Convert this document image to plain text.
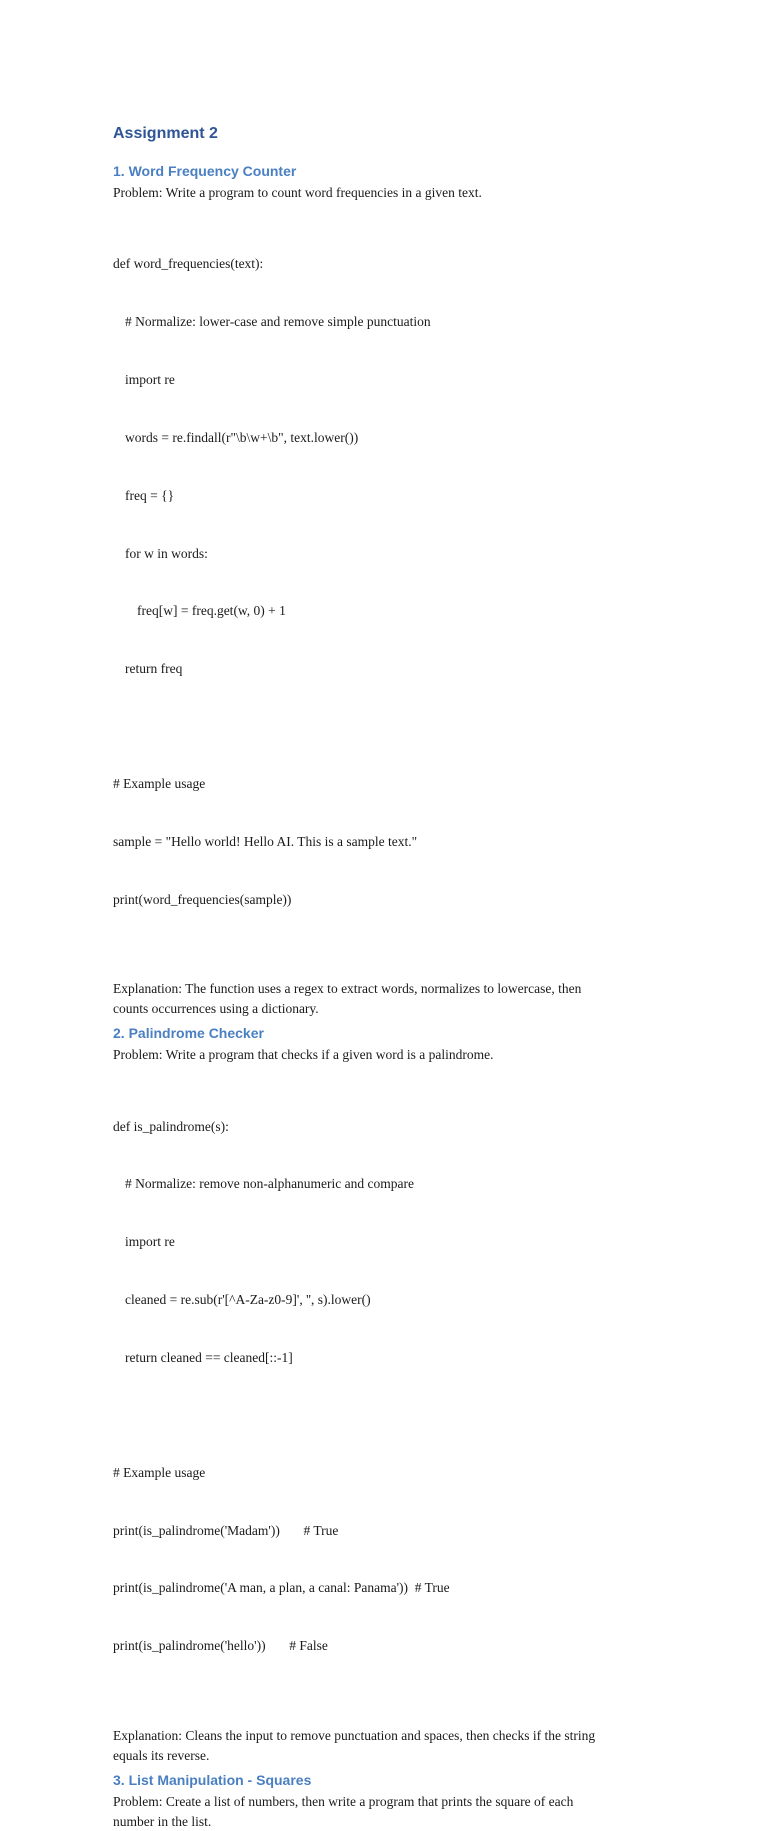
Assignment 2
1. Word Frequency Counter

Problem: Write a program to count word frequencies in a given text.

def word_frequencies(text):

# Normalize: lower-case and remove simple punctuation

import re

words = re.findall(r"\b\w+\b", text.lower())

freq = {}

for w in words:

freq[w] = freq.get(w, 0) + 1

return freq

# Example usage

sample = "Hello world! Hello AI. This is a sample text."

print(word_frequencies(sample))

Explanation: The function uses a regex to extract words, normalizes to lowercase, then

counts occurrences using a dictionary.

2. Palindrome Checker

Problem: Write a program that checks if a given word is a palindrome.

def is_palindrome(s):

# Normalize: remove non-alphanumeric and compare

import re

cleaned = re.sub(r'[^A-Za-z0-9]', '', s).lower()

return cleaned == cleaned[::-1]

# Example usage

print(is_palindrome('Madam'))       # True

print(is_palindrome('A man, a plan, a canal: Panama'))  # True

print(is_palindrome('hello'))       # False

Explanation: Cleans the input to remove punctuation and spaces, then checks if the string

equals its reverse.

3. List Manipulation - Squares

Problem: Create a list of numbers, then write a program that prints the square of each

number in the list.
